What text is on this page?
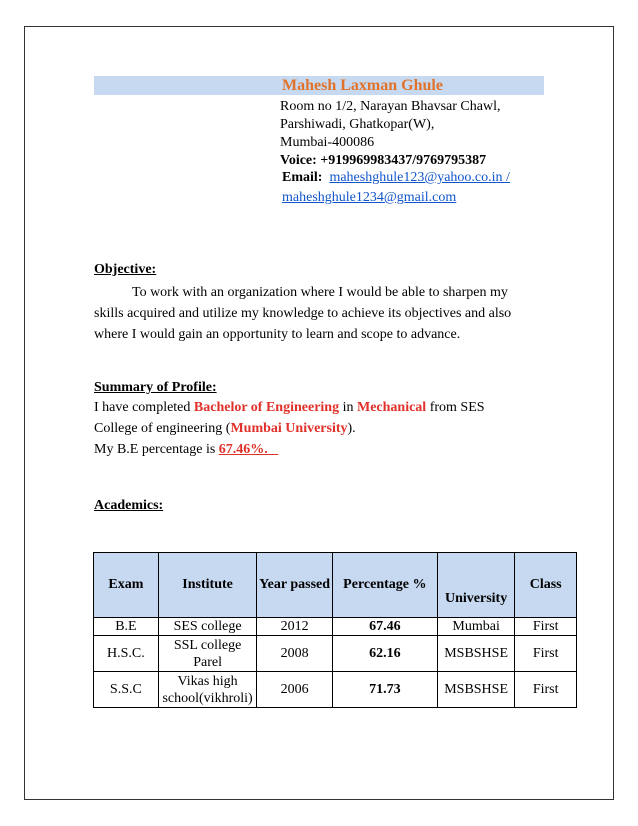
Mahesh Laxman Ghule
Room no 1/2, Narayan Bhavsar Chawl,
Parshiwadi, Ghatkopar(W),
Mumbai-400086
Voice: +919969983437/9769795387
Email: maheshghule123@yahoo.co.in /
maheshghule1234@gmail.com
Objective:
To work with an organization where I would be able to sharpen my
skills acquired and utilize my knowledge to achieve its objectives and also
where I would gain an opportunity to learn and scope to advance.
Summary of Profile:
I have completed Bachelor of Engineering in Mechanical from SES
College of engineering (Mumbai University).
My B.E percentage is 67.46%.
Academics:
Exam	Institute	Year passed	Percentage %	University	Class
B.E	SES college	2012	67.46	Mumbai	First
H.S.C.	SSL college Parel	2008	62.16	MSBSHSE	First
S.S.C	Vikas high school(vikhroli)	2006	71.73	MSBSHSE	First
